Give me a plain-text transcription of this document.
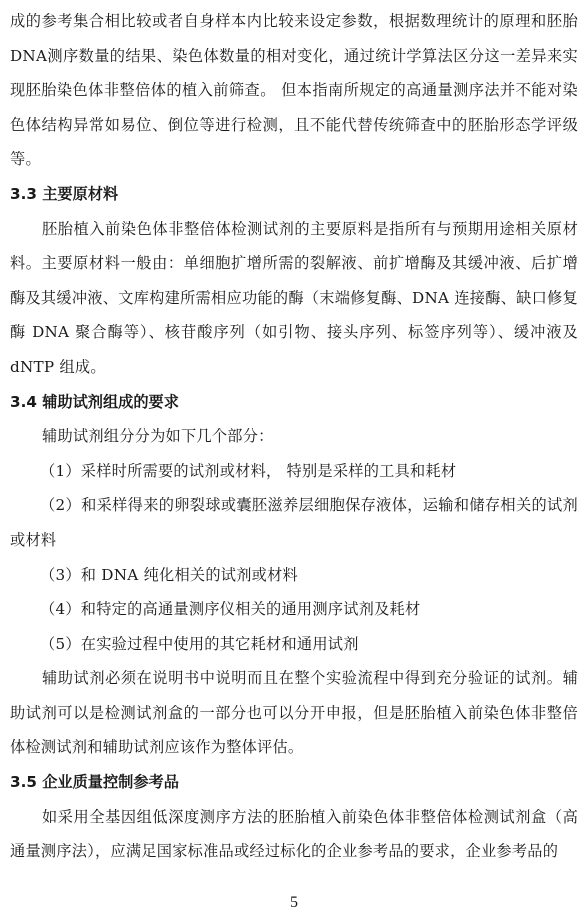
成的参考集合相比较或者自身样本内比较来设定参数，根据数理统计的原理和胚胎DNA测序数量的结果、染色体数量的相对变化，通过统计学算法区分这一差异来实现胚胎染色体非整倍体的植入前筛查。 但本指南所规定的高通量测序法并不能对染色体结构异常如易位、倒位等进行检测，且不能代替传统筛查中的胚胎形态学评级等。

3.3 主要原材料

胚胎植入前染色体非整倍体检测试剂的主要原料是指所有与预期用途相关原材料。主要原材料一般由：单细胞扩增所需的裂解液、前扩增酶及其缓冲液、后扩增酶及其缓冲液、文库构建所需相应功能的酶（末端修复酶、DNA 连接酶、缺口修复酶 DNA 聚合酶等）、核苷酸序列（如引物、接头序列、标签序列等）、缓冲液及dNTP 组成。

3.4 辅助试剂组成的要求

辅助试剂组分分为如下几个部分：

（1）采样时所需要的试剂或材料， 特别是采样的工具和耗材

（2）和采样得来的卵裂球或囊胚滋养层细胞保存液体，运输和储存相关的试剂或材料

（3）和 DNA 纯化相关的试剂或材料

（4）和特定的高通量测序仪相关的通用测序试剂及耗材

（5）在实验过程中使用的其它耗材和通用试剂

辅助试剂必须在说明书中说明而且在整个实验流程中得到充分验证的试剂。辅助试剂可以是检测试剂盒的一部分也可以分开申报，但是胚胎植入前染色体非整倍体检测试剂和辅助试剂应该作为整体评估。

3.5 企业质量控制参考品

如采用全基因组低深度测序方法的胚胎植入前染色体非整倍体检测试剂盒（高通量测序法），应满足国家标准品或经过标化的企业参考品的要求，企业参考品的

5
